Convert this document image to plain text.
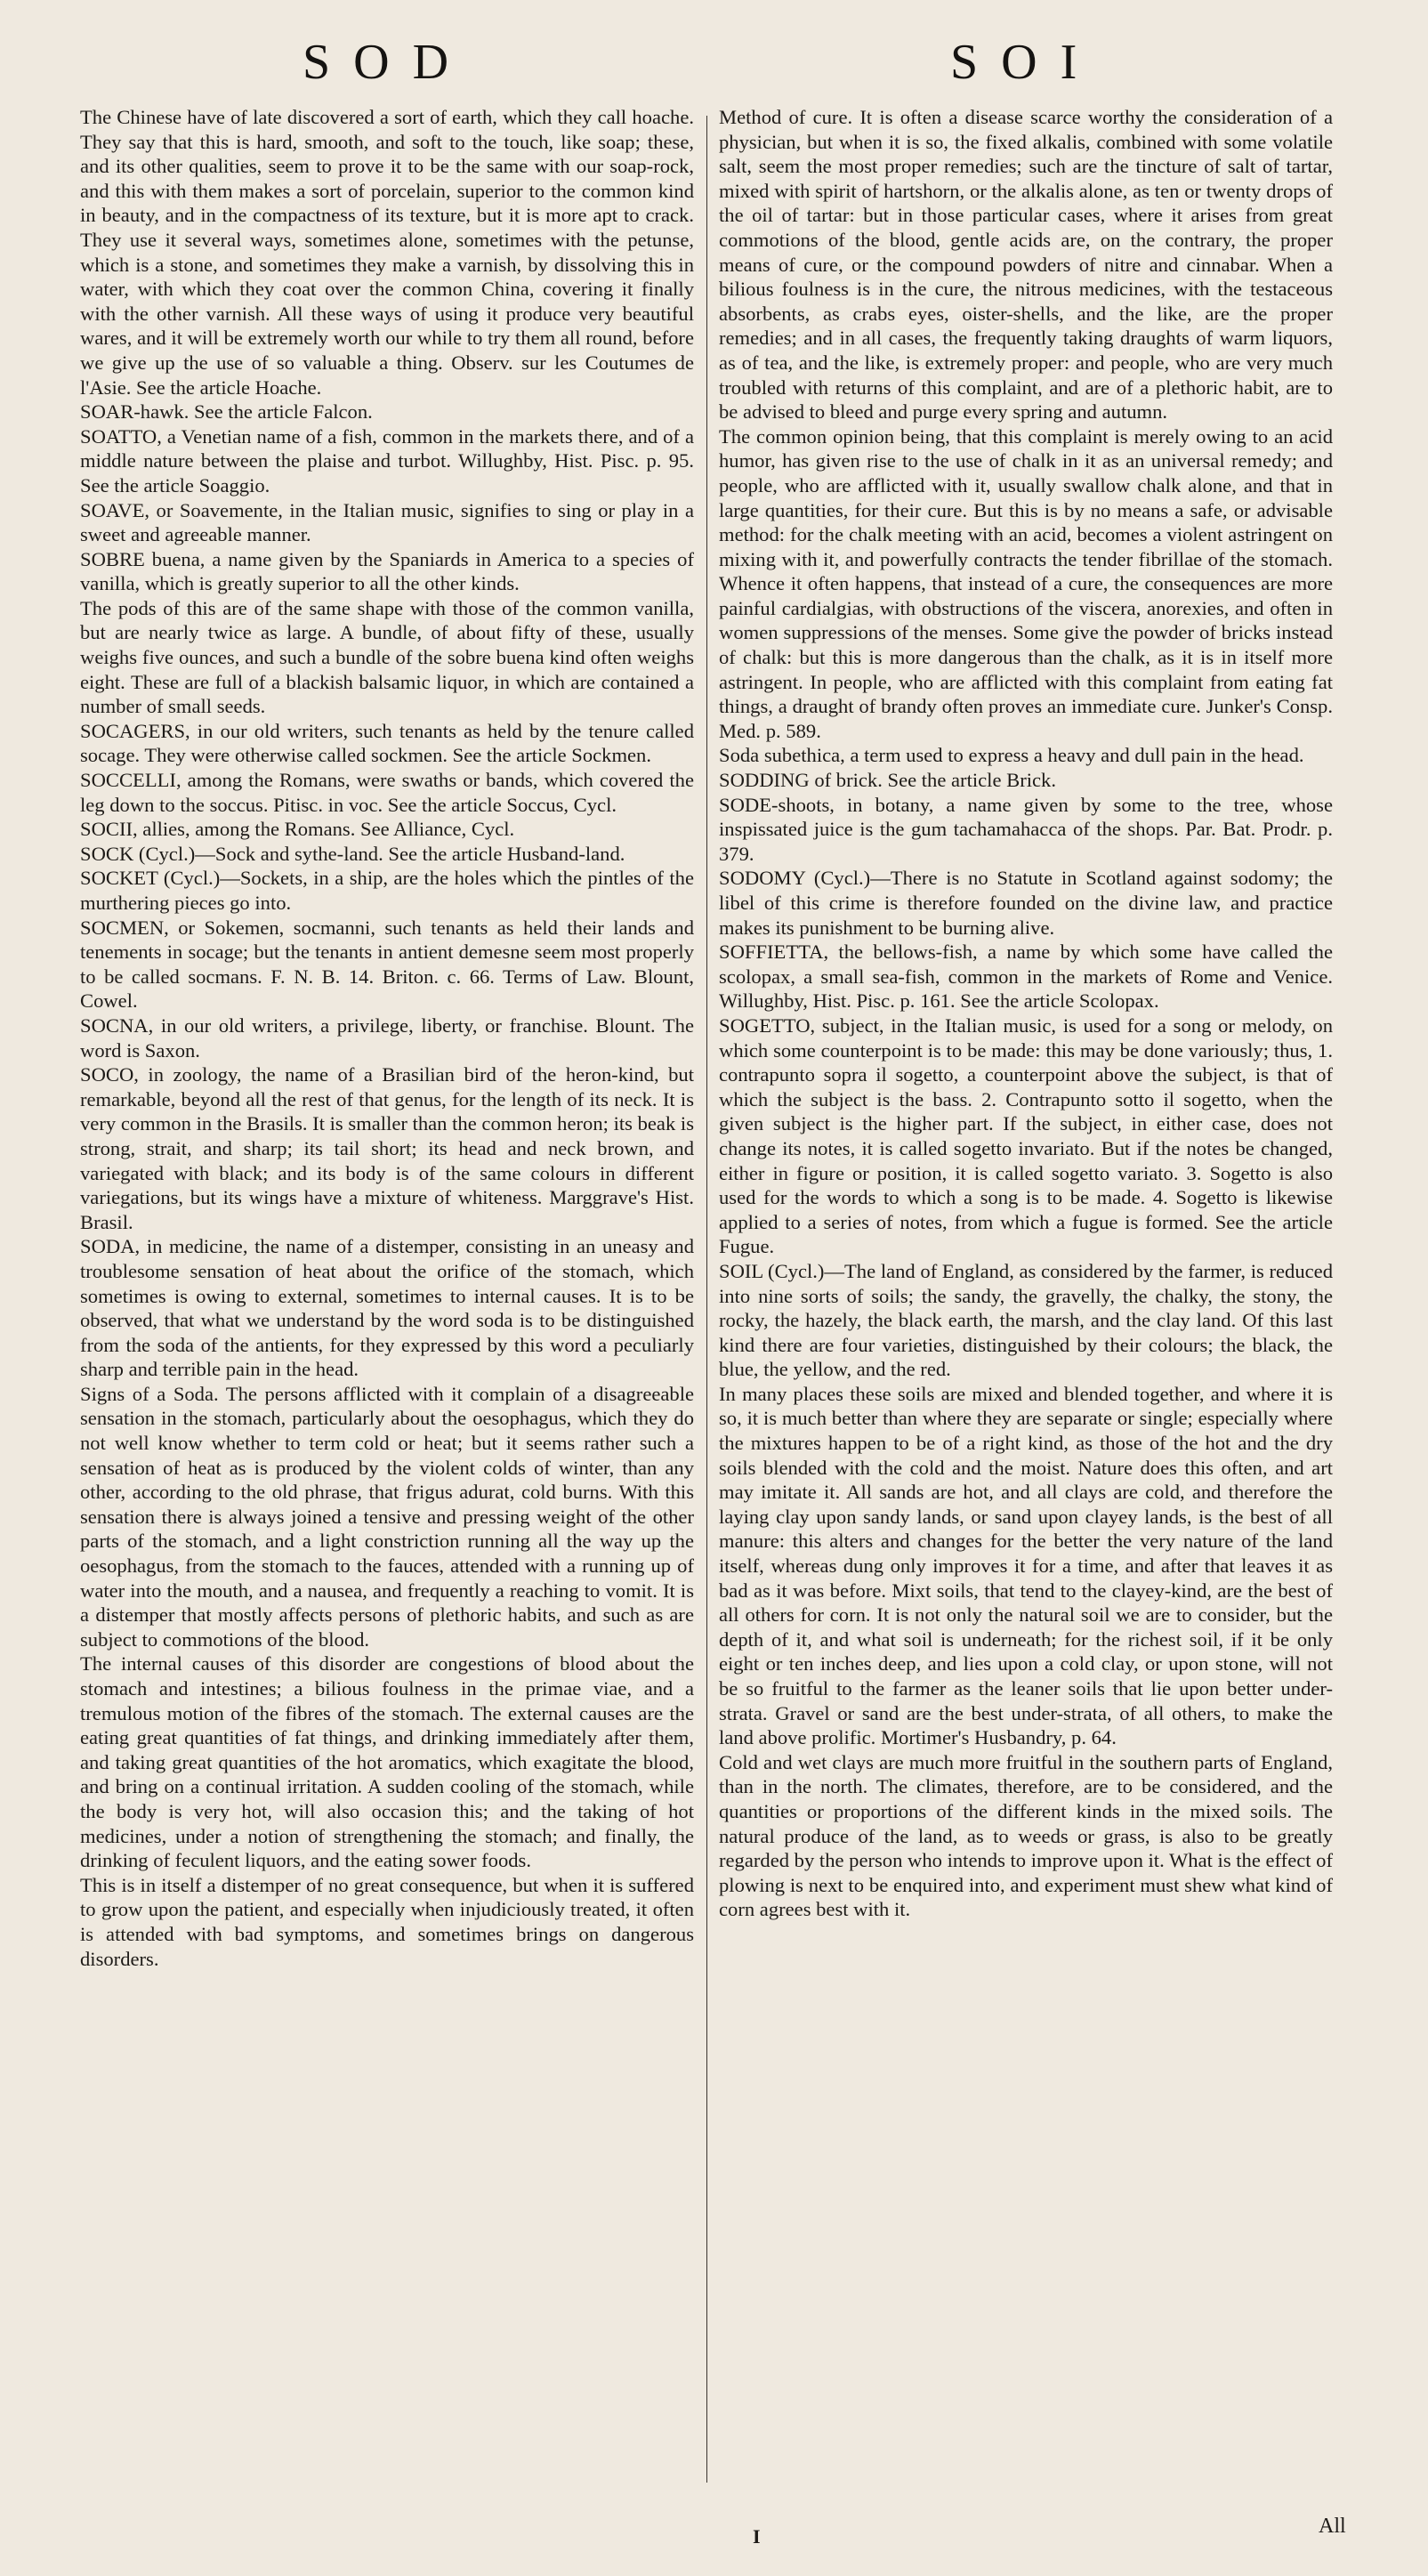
SOD	SOI

The Chinese have of late discovered a sort of earth, which they call hoache. They say that this is hard, smooth, and soft to the touch, like soap; these, and its other qualities, seem to prove it to be the same with our soap-rock, and this with them makes a sort of porcelain, superior to the common kind in beauty, and in the compactness of its texture, but it is more apt to crack. They use it several ways, sometimes alone, sometimes with the petunse, which is a stone, and sometimes they make a varnish, by dissolving this in water, with which they coat over the common China, covering it finally with the other varnish. All these ways of using it produce very beautiful wares, and it will be extremely worth our while to try them all round, before we give up the use of so valuable a thing. Observ. sur les Coutumes de l'Asie. See the article Hoache.

SOAR-hawk. See the article Falcon.

SOATTO, a Venetian name of a fish, common in the markets there, and of a middle nature between the plaise and turbot. Willughby, Hist. Pisc. p. 95. See the article Soaggio.

SOAVE, or Soavemente, in the Italian music, signifies to sing or play in a sweet and agreeable manner.

SOBRE buena, a name given by the Spaniards in America to a species of vanilla, which is greatly superior to all the other kinds.

The pods of this are of the same shape with those of the common vanilla, but are nearly twice as large. A bundle, of about fifty of these, usually weighs five ounces, and such a bundle of the sobre buena kind often weighs eight. These are full of a blackish balsamic liquor, in which are contained a number of small seeds.

SOCAGERS, in our old writers, such tenants as held by the tenure called socage. They were otherwise called sockmen. See the article Sockmen.

SOCCELLI, among the Romans, were swaths or bands, which covered the leg down to the soccus. Pitisc. in voc. See the article Soccus, Cycl.

SOCII, allies, among the Romans. See Alliance, Cycl.

SOCK (Cycl.)—Sock and sythe-land. See the article Husband-land.

SOCKET (Cycl.)—Sockets, in a ship, are the holes which the pintles of the murthering pieces go into.

SOCMEN, or Sokemen, socmanni, such tenants as held their lands and tenements in socage; but the tenants in antient demesne seem most properly to be called socmans. F. N. B. 14. Briton. c. 66. Terms of Law. Blount, Cowel.

SOCNA, in our old writers, a privilege, liberty, or franchise. Blount. The word is Saxon.

SOCO, in zoology, the name of a Brasilian bird of the heron-kind, but remarkable, beyond all the rest of that genus, for the length of its neck. It is very common in the Brasils. It is smaller than the common heron; its beak is strong, strait, and sharp; its tail short; its head and neck brown, and variegated with black; and its body is of the same colours in different variegations, but its wings have a mixture of whiteness. Marggrave's Hist. Brasil.

SODA, in medicine, the name of a distemper, consisting in an uneasy and troublesome sensation of heat about the orifice of the stomach, which sometimes is owing to external, sometimes to internal causes. It is to be observed, that what we understand by the word soda is to be distinguished from the soda of the antients, for they expressed by this word a peculiarly sharp and terrible pain in the head.

Signs of a Soda. The persons afflicted with it complain of a disagreeable sensation in the stomach, particularly about the oesophagus, which they do not well know whether to term cold or heat; but it seems rather such a sensation of heat as is produced by the violent colds of winter, than any other, according to the old phrase, that frigus adurat, cold burns. With this sensation there is always joined a tensive and pressing weight of the other parts of the stomach, and a light constriction running all the way up the oesophagus, from the stomach to the fauces, attended with a running up of water into the mouth, and a nausea, and frequently a reaching to vomit. It is a distemper that mostly affects persons of plethoric habits, and such as are subject to commotions of the blood.

The internal causes of this disorder are congestions of blood about the stomach and intestines; a bilious foulness in the primae viae, and a tremulous motion of the fibres of the stomach. The external causes are the eating great quantities of fat things, and drinking immediately after them, and taking great quantities of the hot aromatics, which exagitate the blood, and bring on a continual irritation. A sudden cooling of the stomach, while the body is very hot, will also occasion this; and the taking of hot medicines, under a notion of strengthening the stomach; and finally, the drinking of feculent liquors, and the eating sower foods.

This is in itself a distemper of no great consequence, but when it is suffered to grow upon the patient, and especially when injudiciously treated, it often is attended with bad symptoms, and sometimes brings on dangerous disorders.

Method of cure. It is often a disease scarce worthy the consideration of a physician, but when it is so, the fixed alkalis, combined with some volatile salt, seem the most proper remedies; such are the tincture of salt of tartar, mixed with spirit of hartshorn, or the alkalis alone, as ten or twenty drops of the oil of tartar: but in those particular cases, where it arises from great commotions of the blood, gentle acids are, on the contrary, the proper means of cure, or the compound powders of nitre and cinnabar. When a bilious foulness is in the cure, the nitrous medicines, with the testaceous absorbents, as crabs eyes, oister-shells, and the like, are the proper remedies; and in all cases, the frequently taking draughts of warm liquors, as of tea, and the like, is extremely proper: and people, who are very much troubled with returns of this complaint, and are of a plethoric habit, are to be advised to bleed and purge every spring and autumn.

The common opinion being, that this complaint is merely owing to an acid humor, has given rise to the use of chalk in it as an universal remedy; and people, who are afflicted with it, usually swallow chalk alone, and that in large quantities, for their cure. But this is by no means a safe, or advisable method: for the chalk meeting with an acid, becomes a violent astringent on mixing with it, and powerfully contracts the tender fibrillae of the stomach. Whence it often happens, that instead of a cure, the consequences are more painful cardialgias, with obstructions of the viscera, anorexies, and often in women suppressions of the menses. Some give the powder of bricks instead of chalk: but this is more dangerous than the chalk, as it is in itself more astringent. In people, who are afflicted with this complaint from eating fat things, a draught of brandy often proves an immediate cure. Junker's Consp. Med. p. 589.

Soda subethica, a term used to express a heavy and dull pain in the head.

SODDING of brick. See the article Brick.

SODE-shoots, in botany, a name given by some to the tree, whose inspissated juice is the gum tachamahacca of the shops. Par. Bat. Prodr. p. 379.

SODOMY (Cycl.)—There is no Statute in Scotland against sodomy; the libel of this crime is therefore founded on the divine law, and practice makes its punishment to be burning alive.

SOFFIETTA, the bellows-fish, a name by which some have called the scolopax, a small sea-fish, common in the markets of Rome and Venice. Willughby, Hist. Pisc. p. 161. See the article Scolopax.

SOGETTO, subject, in the Italian music, is used for a song or melody, on which some counterpoint is to be made: this may be done variously; thus, 1. contrapunto sopra il sogetto, a counterpoint above the subject, is that of which the subject is the bass. 2. Contrapunto sotto il sogetto, when the given subject is the higher part. If the subject, in either case, does not change its notes, it is called sogetto invariato. But if the notes be changed, either in figure or position, it is called sogetto variato. 3. Sogetto is also used for the words to which a song is to be made. 4. Sogetto is likewise applied to a series of notes, from which a fugue is formed. See the article Fugue.

SOIL (Cycl.)—The land of England, as considered by the farmer, is reduced into nine sorts of soils; the sandy, the gravelly, the chalky, the stony, the rocky, the hazely, the black earth, the marsh, and the clay land. Of this last kind there are four varieties, distinguished by their colours; the black, the blue, the yellow, and the red.

In many places these soils are mixed and blended together, and where it is so, it is much better than where they are separate or single; especially where the mixtures happen to be of a right kind, as those of the hot and the dry soils blended with the cold and the moist. Nature does this often, and art may imitate it. All sands are hot, and all clays are cold, and therefore the laying clay upon sandy lands, or sand upon clayey lands, is the best of all manure: this alters and changes for the better the very nature of the land itself, whereas dung only improves it for a time, and after that leaves it as bad as it was before. Mixt soils, that tend to the clayey-kind, are the best of all others for corn. It is not only the natural soil we are to consider, but the depth of it, and what soil is underneath; for the richest soil, if it be only eight or ten inches deep, and lies upon a cold clay, or upon stone, will not be so fruitful to the farmer as the leaner soils that lie upon better under-strata. Gravel or sand are the best under-strata, of all others, to make the land above prolific. Mortimer's Husbandry, p. 64.

Cold and wet clays are much more fruitful in the southern parts of England, than in the north. The climates, therefore, are to be considered, and the quantities or proportions of the different kinds in the mixed soils. The natural produce of the land, as to weeds or grass, is also to be greatly regarded by the person who intends to improve upon it. What is the effect of plowing is next to be enquired into, and experiment must shew what kind of corn agrees best with it.

I	All
